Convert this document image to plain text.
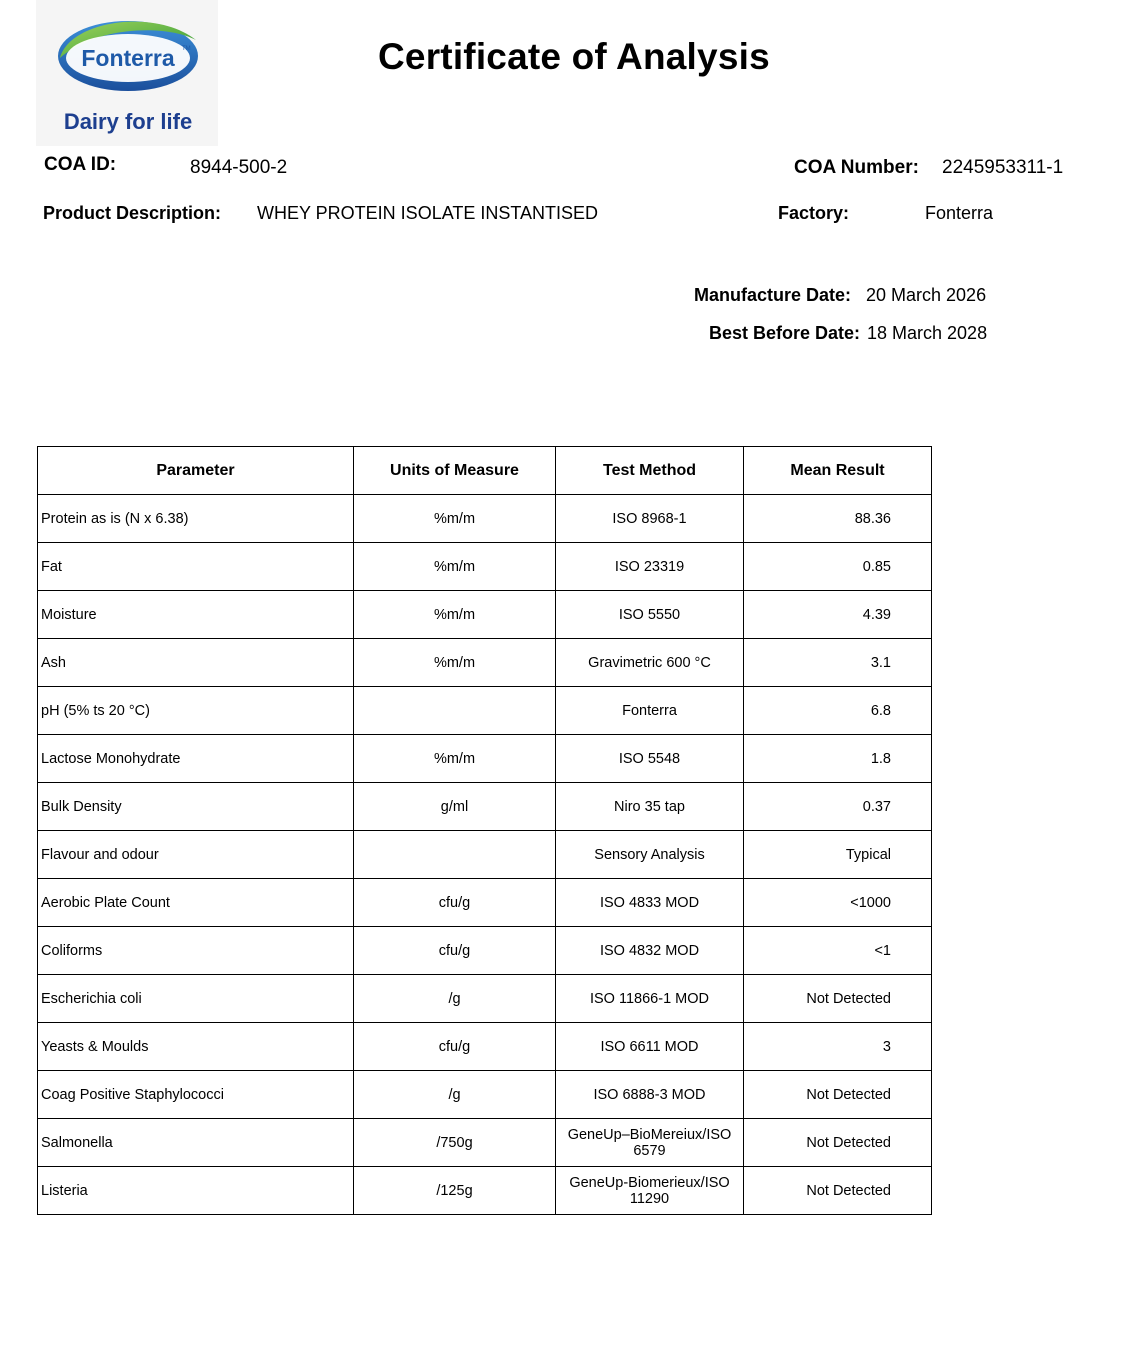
Fonterra TM
Dairy for life
Certificate of Analysis
COA ID:	8944-500-2	COA Number: 2245953311-1
Product Description: WHEY PROTEIN ISOLATE INSTANTISED	Factory:	Fonterra
Manufacture Date: 20 March 2026
Best Before Date: 18 March 2028
Parameter	Units of Measure	Test Method	Mean Result
Protein as is (N x 6.38)	%m/m	ISO 8968-1	88.36
Fat	%m/m	ISO 23319	0.85
Moisture	%m/m	ISO 5550	4.39
Ash	%m/m	Gravimetric 600 °C	3.1
pH (5% ts 20 °C)		Fonterra	6.8
Lactose Monohydrate	%m/m	ISO 5548	1.8
Bulk Density	g/ml	Niro 35 tap	0.37
Flavour and odour		Sensory Analysis	Typical
Aerobic Plate Count	cfu/g	ISO 4833 MOD	<1000
Coliforms	cfu/g	ISO 4832 MOD	<1
Escherichia coli	/g	ISO 11866-1 MOD	Not Detected
Yeasts & Moulds	cfu/g	ISO 6611 MOD	3
Coag Positive Staphylococci	/g	ISO 6888-3 MOD	Not Detected
Salmonella	/750g	GeneUp–BioMereiux/ISO 6579	Not Detected
Listeria	/125g	GeneUp-Biomerieux/ISO 11290	Not Detected
